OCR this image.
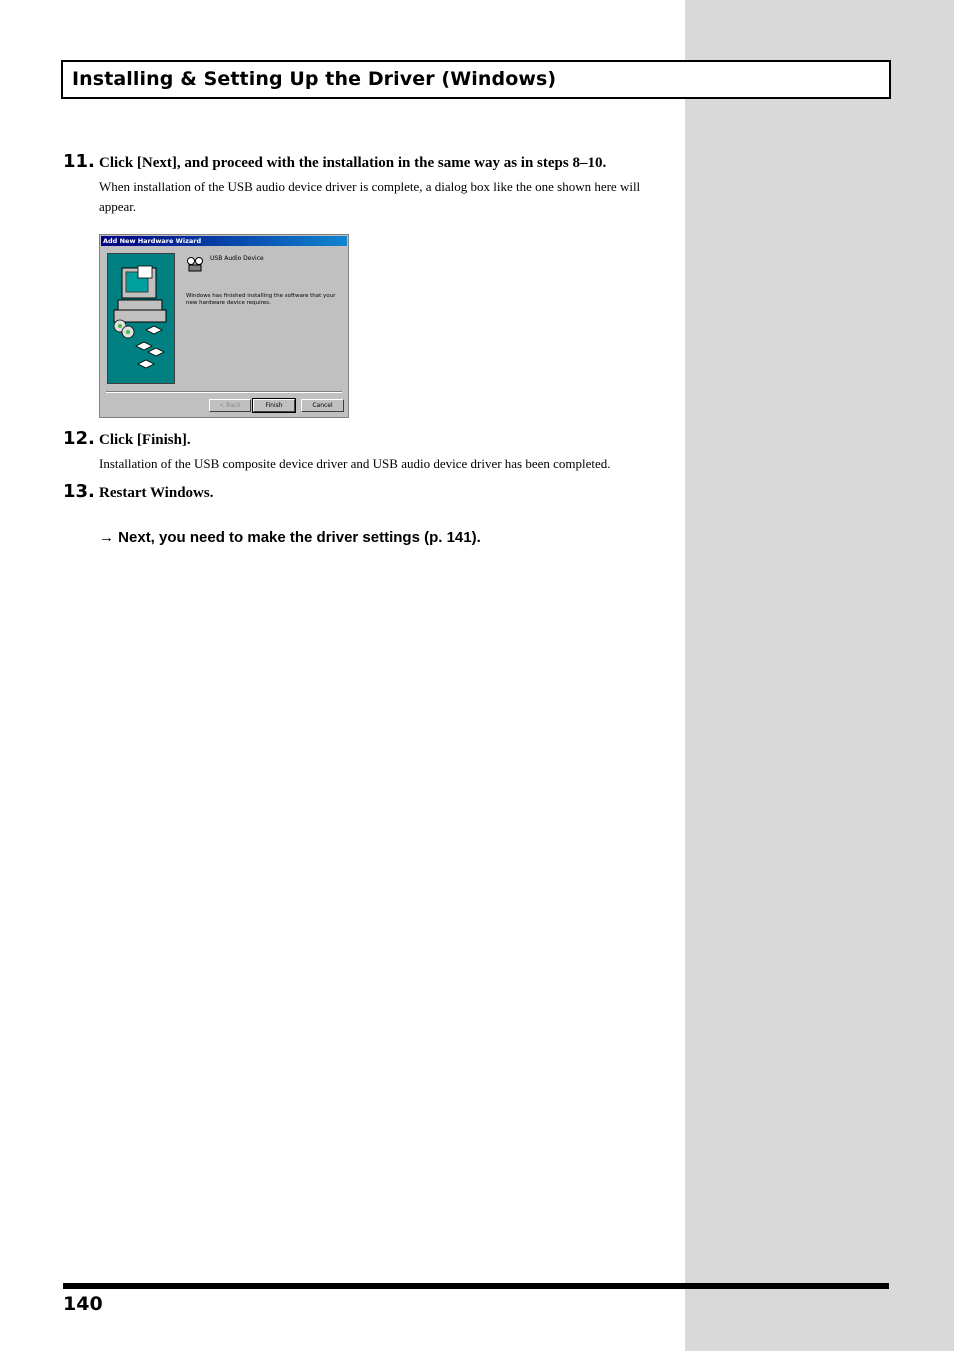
Installing & Setting Up the Driver (Windows)
11. Click [Next], and proceed with the installation in the same way as in steps 8–10.
When installation of the USB audio device driver is complete, a dialog box like the one shown here will appear.
Add New Hardware Wizard
USB Audio Device
Windows has finished installing the software that your new hardware device requires.
< Back	Finish	Cancel
12. Click [Finish].
Installation of the USB composite device driver and USB audio device driver has been completed.
13. Restart Windows.
→ Next, you need to make the driver settings (p. 141).
140
